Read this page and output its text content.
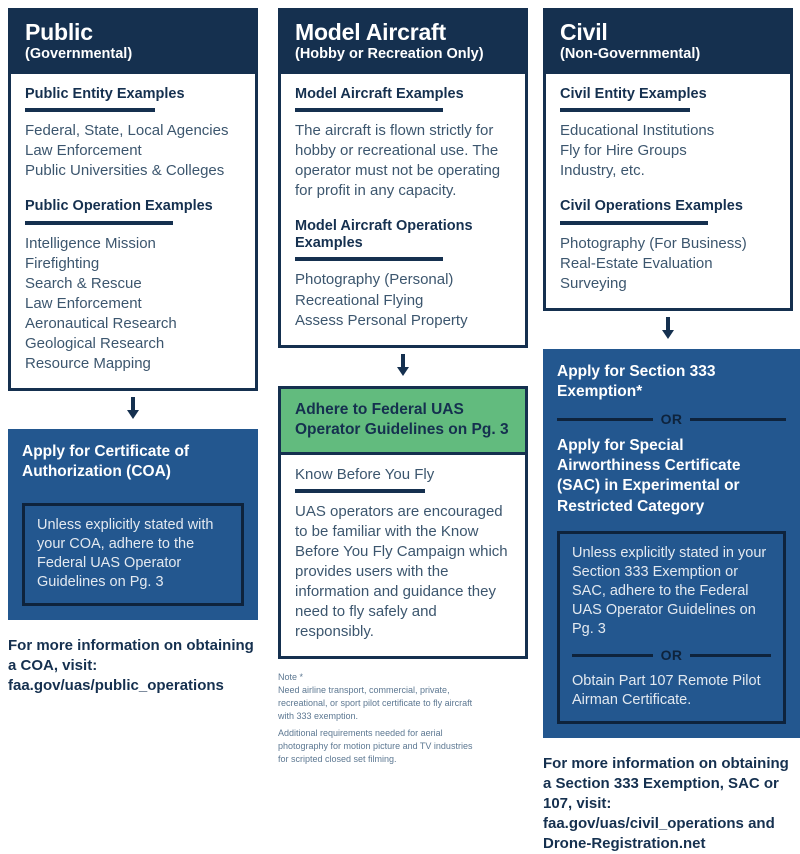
Public
(Governmental)
Public Entity Examples
Federal, State, Local Agencies
Law Enforcement
Public Universities & Colleges
Public Operation Examples
Intelligence Mission
Firefighting
Search & Rescue
Law Enforcement
Aeronautical Research
Geological Research
Resource Mapping
Apply for Certificate of Authorization (COA)
Unless explicitly stated with your COA, adhere to the Federal UAS Operator Guidelines on Pg. 3
For more information on obtaining a COA, visit: faa.gov/uas/public_operations
Model Aircraft
(Hobby or Recreation Only)
Model Aircraft Examples
The aircraft is flown strictly for hobby or recreational use. The operator must not be operating for profit in any capacity.
Model Aircraft Operations Examples
Photography (Personal)
Recreational Flying
Assess Personal Property
Adhere to Federal UAS Operator Guidelines on Pg. 3
Know Before You Fly
UAS operators are encouraged to be familiar with the Know Before You Fly Campaign which provides users with the information and guidance they need to fly safely and responsibly.
Note *
Need airline transport, commercial, private,
recreational, or sport pilot certificate to fly aircraft
with 333 exemption.
Additional requirements needed for aerial
photography for motion picture and TV industries
for scripted closed set filming.
Civil
(Non-Governmental)
Civil Entity Examples
Educational Institutions
Fly for Hire Groups
Industry, etc.
Civil Operations Examples
Photography (For Business)
Real-Estate Evaluation
Surveying
Apply for Section 333 Exemption*
OR
Apply for Special Airworthiness Certificate (SAC) in Experimental or Restricted Category
Unless explicitly stated in your Section 333 Exemption or SAC, adhere to the Federal UAS Operator Guidelines on Pg. 3
OR
Obtain Part 107 Remote Pilot Airman Certificate.
For more information on obtaining a Section 333 Exemption, SAC or 107, visit: faa.gov/uas/civil_operations and Drone-Registration.net
